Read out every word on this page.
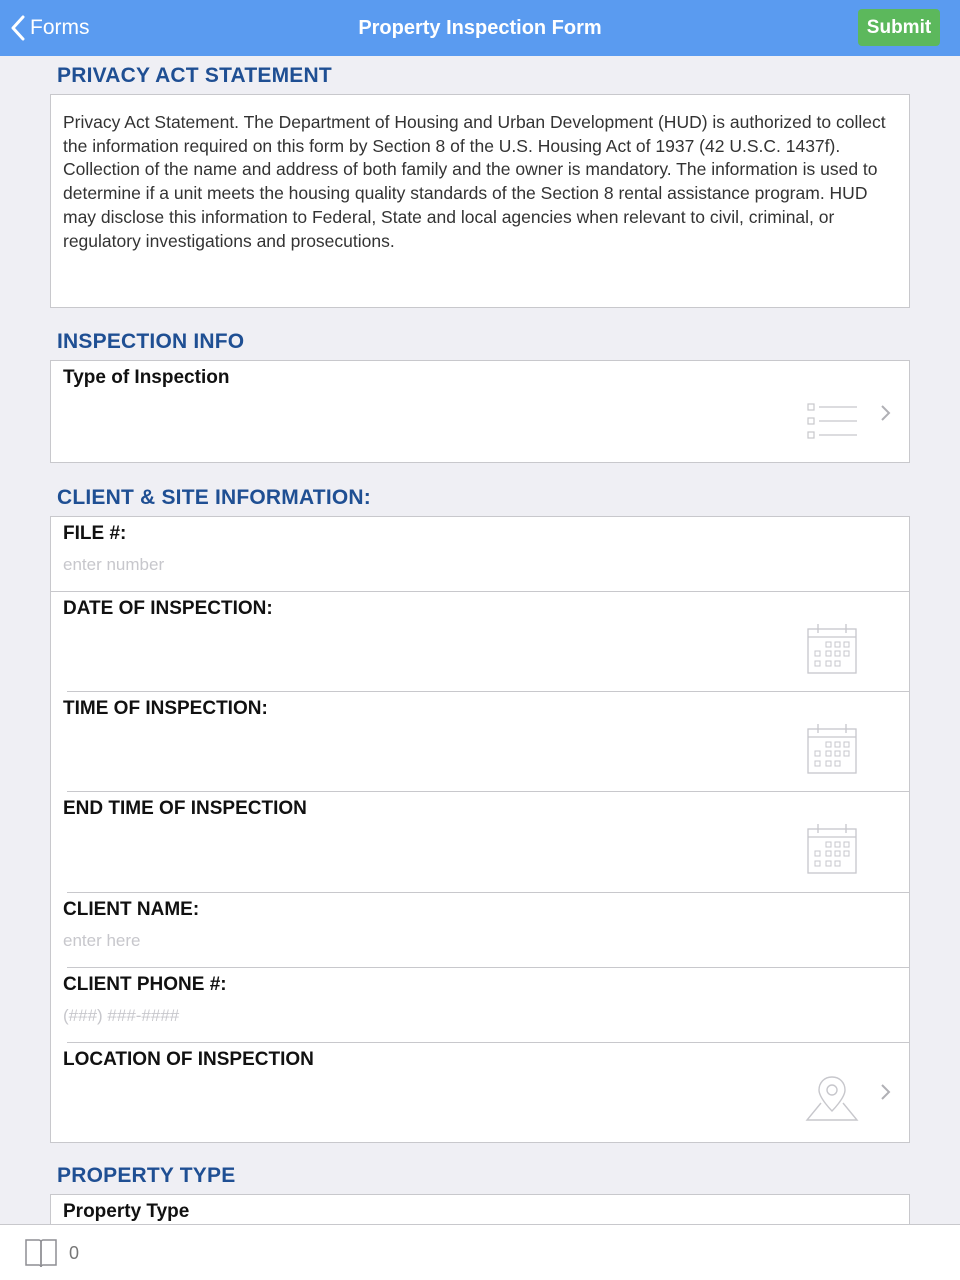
Forms	Property Inspection Form	Submit
PRIVACY ACT STATEMENT
Privacy Act Statement. The Department of Housing and Urban Development (HUD) is authorized to collect the information required on this form by Section 8 of the U.S. Housing Act of 1937 (42 U.S.C. 1437f). Collection of the name and address of both family and the owner is mandatory. The information is used to determine if a unit meets the housing quality standards of the Section 8 rental assistance program. HUD may disclose this information to Federal, State and local agencies when relevant to civil, criminal, or regulatory investigations and prosecutions.
INSPECTION INFO
Type of Inspection
CLIENT & SITE INFORMATION:
FILE #:
enter number
DATE OF INSPECTION:
TIME OF INSPECTION:
END TIME OF INSPECTION
CLIENT NAME:
enter here
CLIENT PHONE #:
(###) ###-####
LOCATION OF INSPECTION
PROPERTY TYPE
Property Type
0
